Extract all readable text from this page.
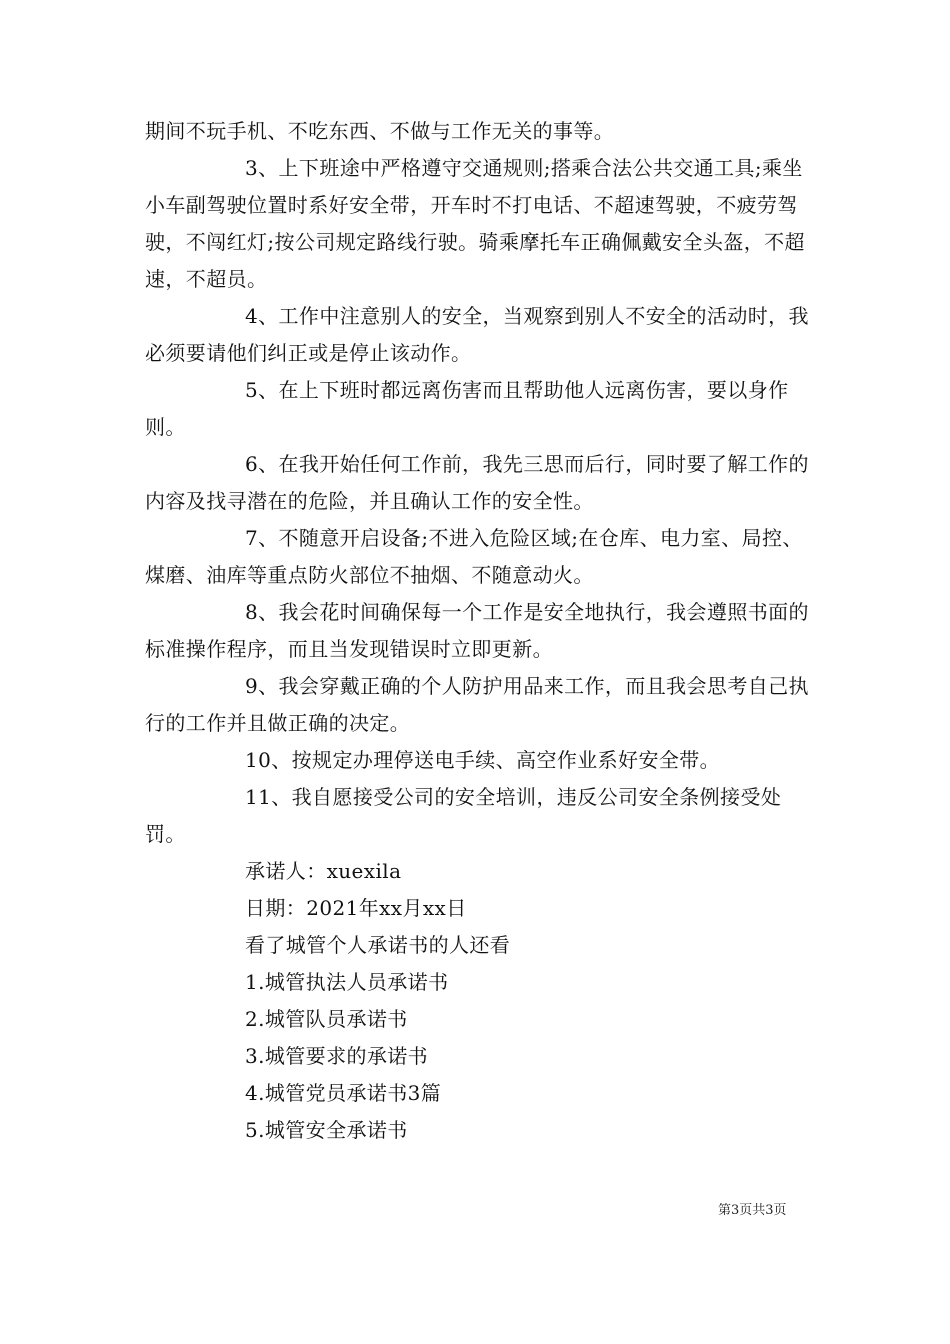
期间不玩手机、不吃东西、不做与工作无关的事等。

3、上下班途中严格遵守交通规则;搭乘合法公共交通工具;乘坐小车副驾驶位置时系好安全带，开车时不打电话、不超速驾驶，不疲劳驾驶，不闯红灯;按公司规定路线行驶。骑乘摩托车正确佩戴安全头盔，不超速，不超员。

4、工作中注意别人的安全，当观察到别人不安全的活动时，我必须要请他们纠正或是停止该动作。

5、在上下班时都远离伤害而且帮助他人远离伤害，要以身作则。

6、在我开始任何工作前，我先三思而后行，同时要了解工作的内容及找寻潜在的危险，并且确认工作的安全性。

7、不随意开启设备;不进入危险区域;在仓库、电力室、局控、煤磨、油库等重点防火部位不抽烟、不随意动火。

8、我会花时间确保每一个工作是安全地执行，我会遵照书面的标准操作程序，而且当发现错误时立即更新。

9、我会穿戴正确的个人防护用品来工作，而且我会思考自己执行的工作并且做正确的决定。

10、按规定办理停送电手续、高空作业系好安全带。

11、我自愿接受公司的安全培训，违反公司安全条例接受处罚。

承诺人：xuexila

日期：2021年xx月xx日

看了城管个人承诺书的人还看

1.城管执法人员承诺书

2.城管队员承诺书

3.城管要求的承诺书

4.城管党员承诺书3篇

5.城管安全承诺书

第3页共3页
